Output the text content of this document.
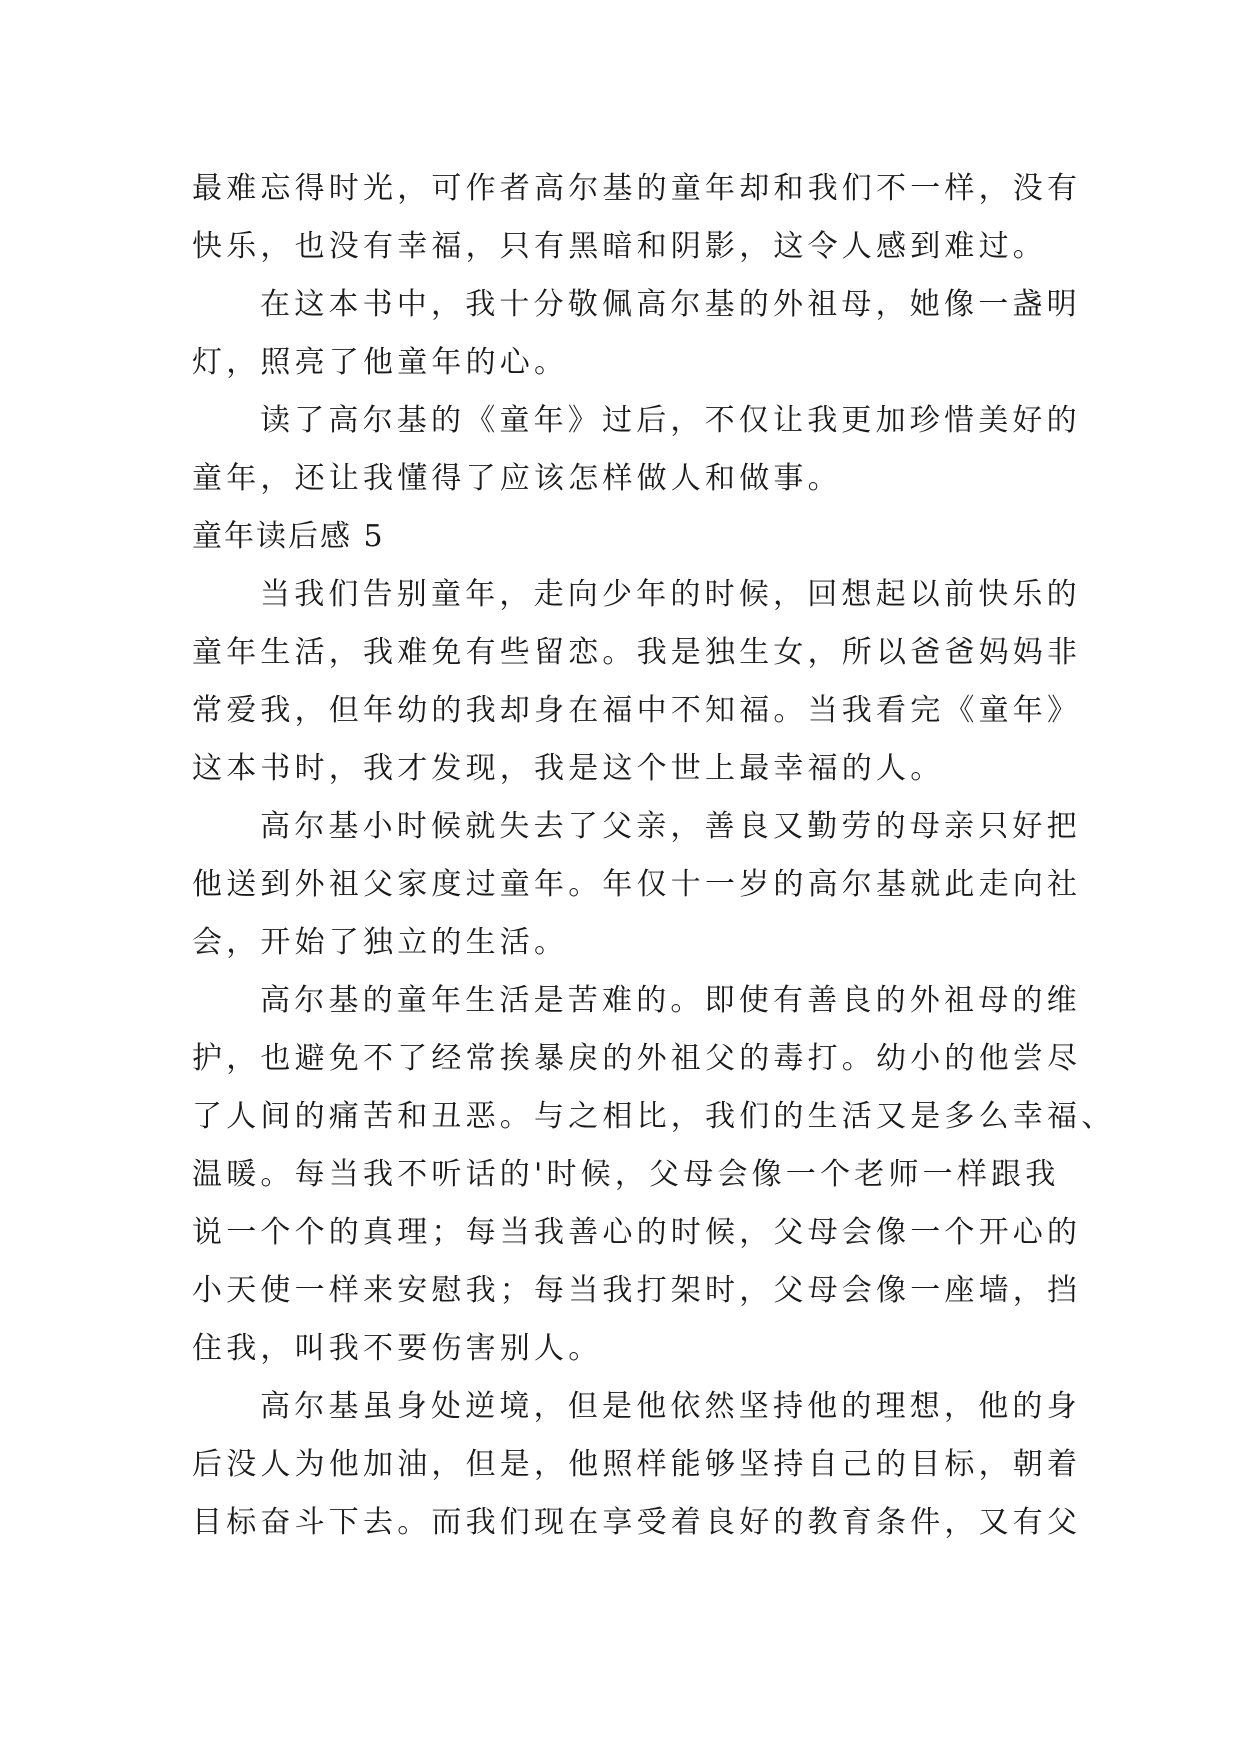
最难忘得时光，可作者高尔基的童年却和我们不一样，没有
快乐，也没有幸福，只有黑暗和阴影，这令人感到难过。
在这本书中，我十分敬佩高尔基的外祖母，她像一盏明
灯，照亮了他童年的心。
读了高尔基的《童年》过后，不仅让我更加珍惜美好的
童年，还让我懂得了应该怎样做人和做事。
童年读后感 5
当我们告别童年，走向少年的时候，回想起以前快乐的
童年生活，我难免有些留恋。我是独生女，所以爸爸妈妈非
常爱我，但年幼的我却身在福中不知福。当我看完《童年》
这本书时，我才发现，我是这个世上最幸福的人。
高尔基小时候就失去了父亲，善良又勤劳的母亲只好把
他送到外祖父家度过童年。年仅十一岁的高尔基就此走向社
会，开始了独立的生活。
高尔基的童年生活是苦难的。即使有善良的外祖母的维
护，也避免不了经常挨暴戾的外祖父的毒打。幼小的他尝尽
了人间的痛苦和丑恶。与之相比，我们的生活又是多么幸福、
温暖。每当我不听话的'时候，父母会像一个老师一样跟我
说一个个的真理；每当我善心的时候，父母会像一个开心的
小天使一样来安慰我；每当我打架时，父母会像一座墙，挡
住我，叫我不要伤害别人。
高尔基虽身处逆境，但是他依然坚持他的理想，他的身
后没人为他加油，但是，他照样能够坚持自己的目标，朝着
目标奋斗下去。而我们现在享受着良好的教育条件，又有父
